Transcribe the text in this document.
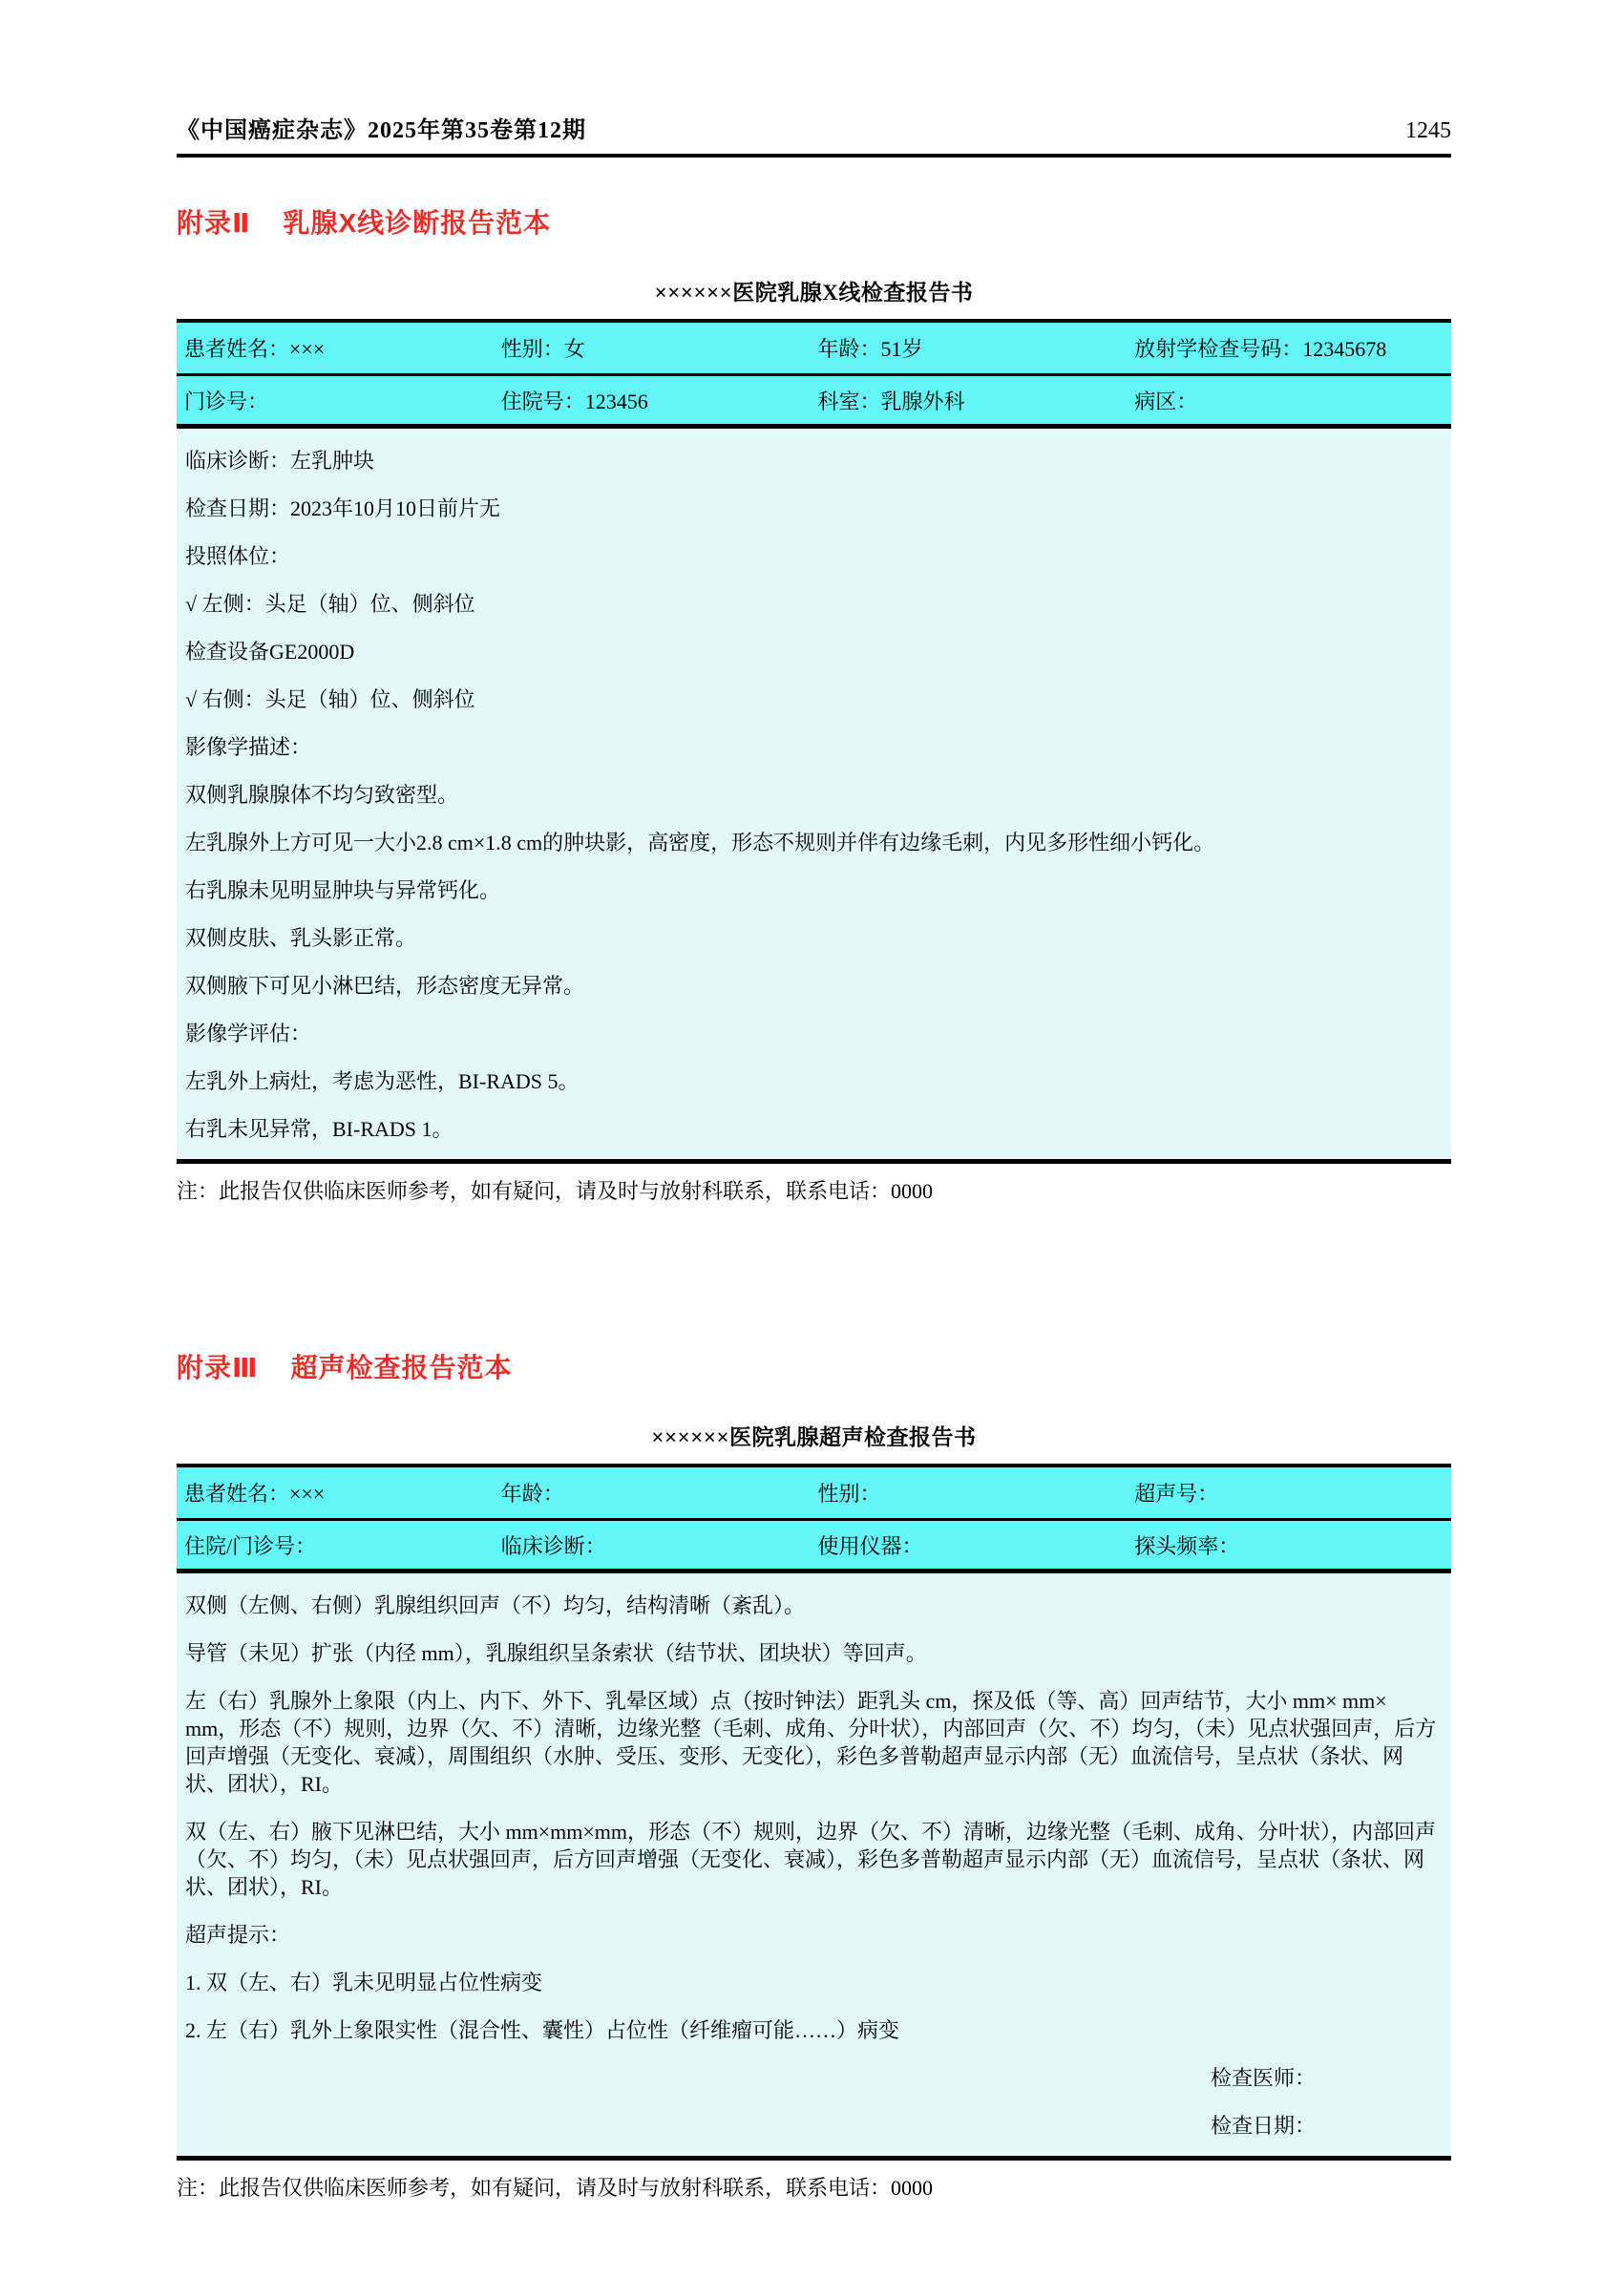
《中国癌症杂志》2025年第35卷第12期	1245
附录Ⅱ 乳腺X线诊断报告范本
××××××医院乳腺X线检查报告书
患者姓名：×××	性别：女	年龄：51岁	放射学检查号码：12345678
门诊号：	住院号：123456	科室：乳腺外科	病区：

临床诊断：左乳肿块

检查日期：2023年10月10日前片无

投照体位：

√ 左侧：头足（轴）位、侧斜位

检查设备GE2000D

√ 右侧：头足（轴）位、侧斜位

影像学描述：

双侧乳腺腺体不均匀致密型。

左乳腺外上方可见一大小2.8 cm×1.8 cm的肿块影，高密度，形态不规则并伴有边缘毛刺，内见多形性细小钙化。

右乳腺未见明显肿块与异常钙化。

双侧皮肤、乳头影正常。

双侧腋下可见小淋巴结，形态密度无异常。

影像学评估：

左乳外上病灶，考虑为恶性，BI-RADS 5。

右乳未见异常，BI-RADS 1。

注：此报告仅供临床医师参考，如有疑问，请及时与放射科联系，联系电话：0000

附录Ⅲ 超声检查报告范本
××××××医院乳腺超声检查报告书
患者姓名：×××	年龄：	性别：	超声号：
住院/门诊号：	临床诊断：	使用仪器：	探头频率：

双侧（左侧、右侧）乳腺组织回声（不）均匀，结构清晰（紊乱）。

导管（未见）扩张（内径 mm），乳腺组织呈条索状（结节状、团块状）等回声。

左（右）乳腺外上象限（内上、内下、外下、乳晕区域）点（按时钟法）距乳头 cm，探及低（等、高）回声结节，大小 mm× mm× mm，形态（不）规则，边界（欠、不）清晰，边缘光整（毛刺、成角、分叶状），内部回声（欠、不）均匀，（未）见点状强回声，后方回声增强（无变化、衰减），周围组织（水肿、受压、变形、无变化），彩色多普勒超声显示内部（无）血流信号，呈点状（条状、网状、团状），RI。

双（左、右）腋下见淋巴结，大小 mm×mm×mm，形态（不）规则，边界（欠、不）清晰，边缘光整（毛刺、成角、分叶状），内部回声（欠、不）均匀，（未）见点状强回声，后方回声增强（无变化、衰减），彩色多普勒超声显示内部（无）血流信号，呈点状（条状、网状、团状），RI。

超声提示：

1. 双（左、右）乳未见明显占位性病变

2. 左（右）乳外上象限实性（混合性、囊性）占位性（纤维瘤可能……）病变

检查医师：

检查日期：

注：此报告仅供临床医师参考，如有疑问，请及时与放射科联系，联系电话：0000
